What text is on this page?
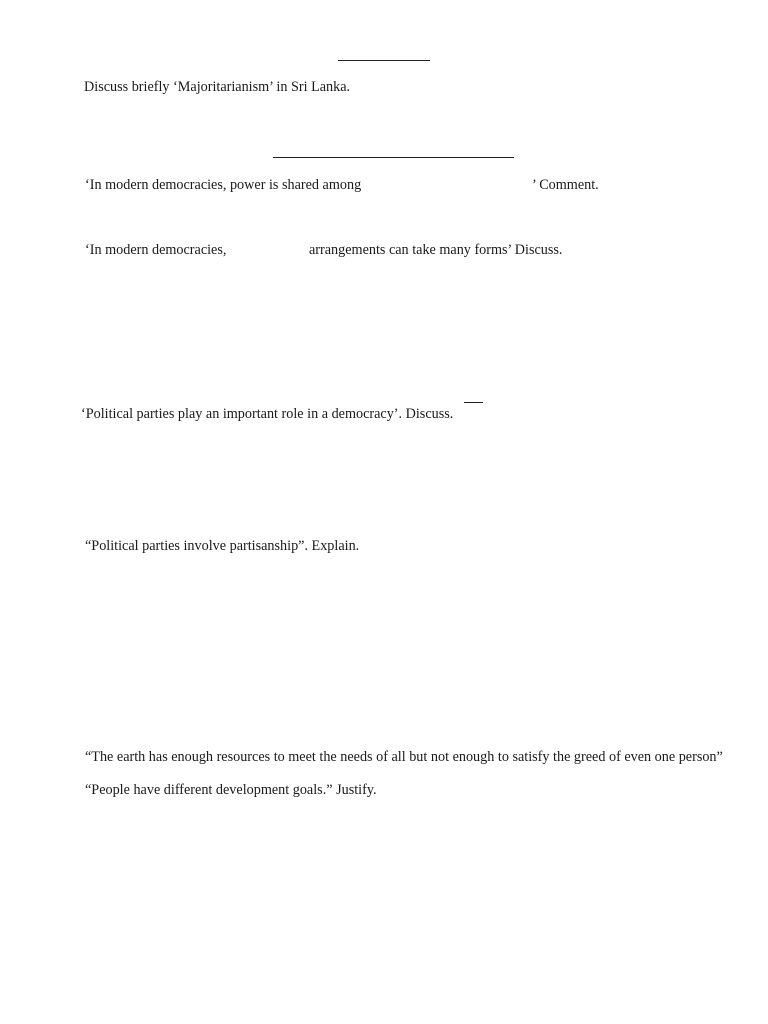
Discuss briefly ‘Majoritarianism’ in Sri Lanka.
‘In modern democracies, power is shared among	’ Comment.
‘In modern democracies,	arrangements can take many forms’ Discuss.
‘Political parties play an important role in a democracy’. Discuss.
“Political parties involve partisanship”. Explain.
“The earth has enough resources to meet the needs of all but not enough to satisfy the greed of even one person”
“People have different development goals.” Justify.
